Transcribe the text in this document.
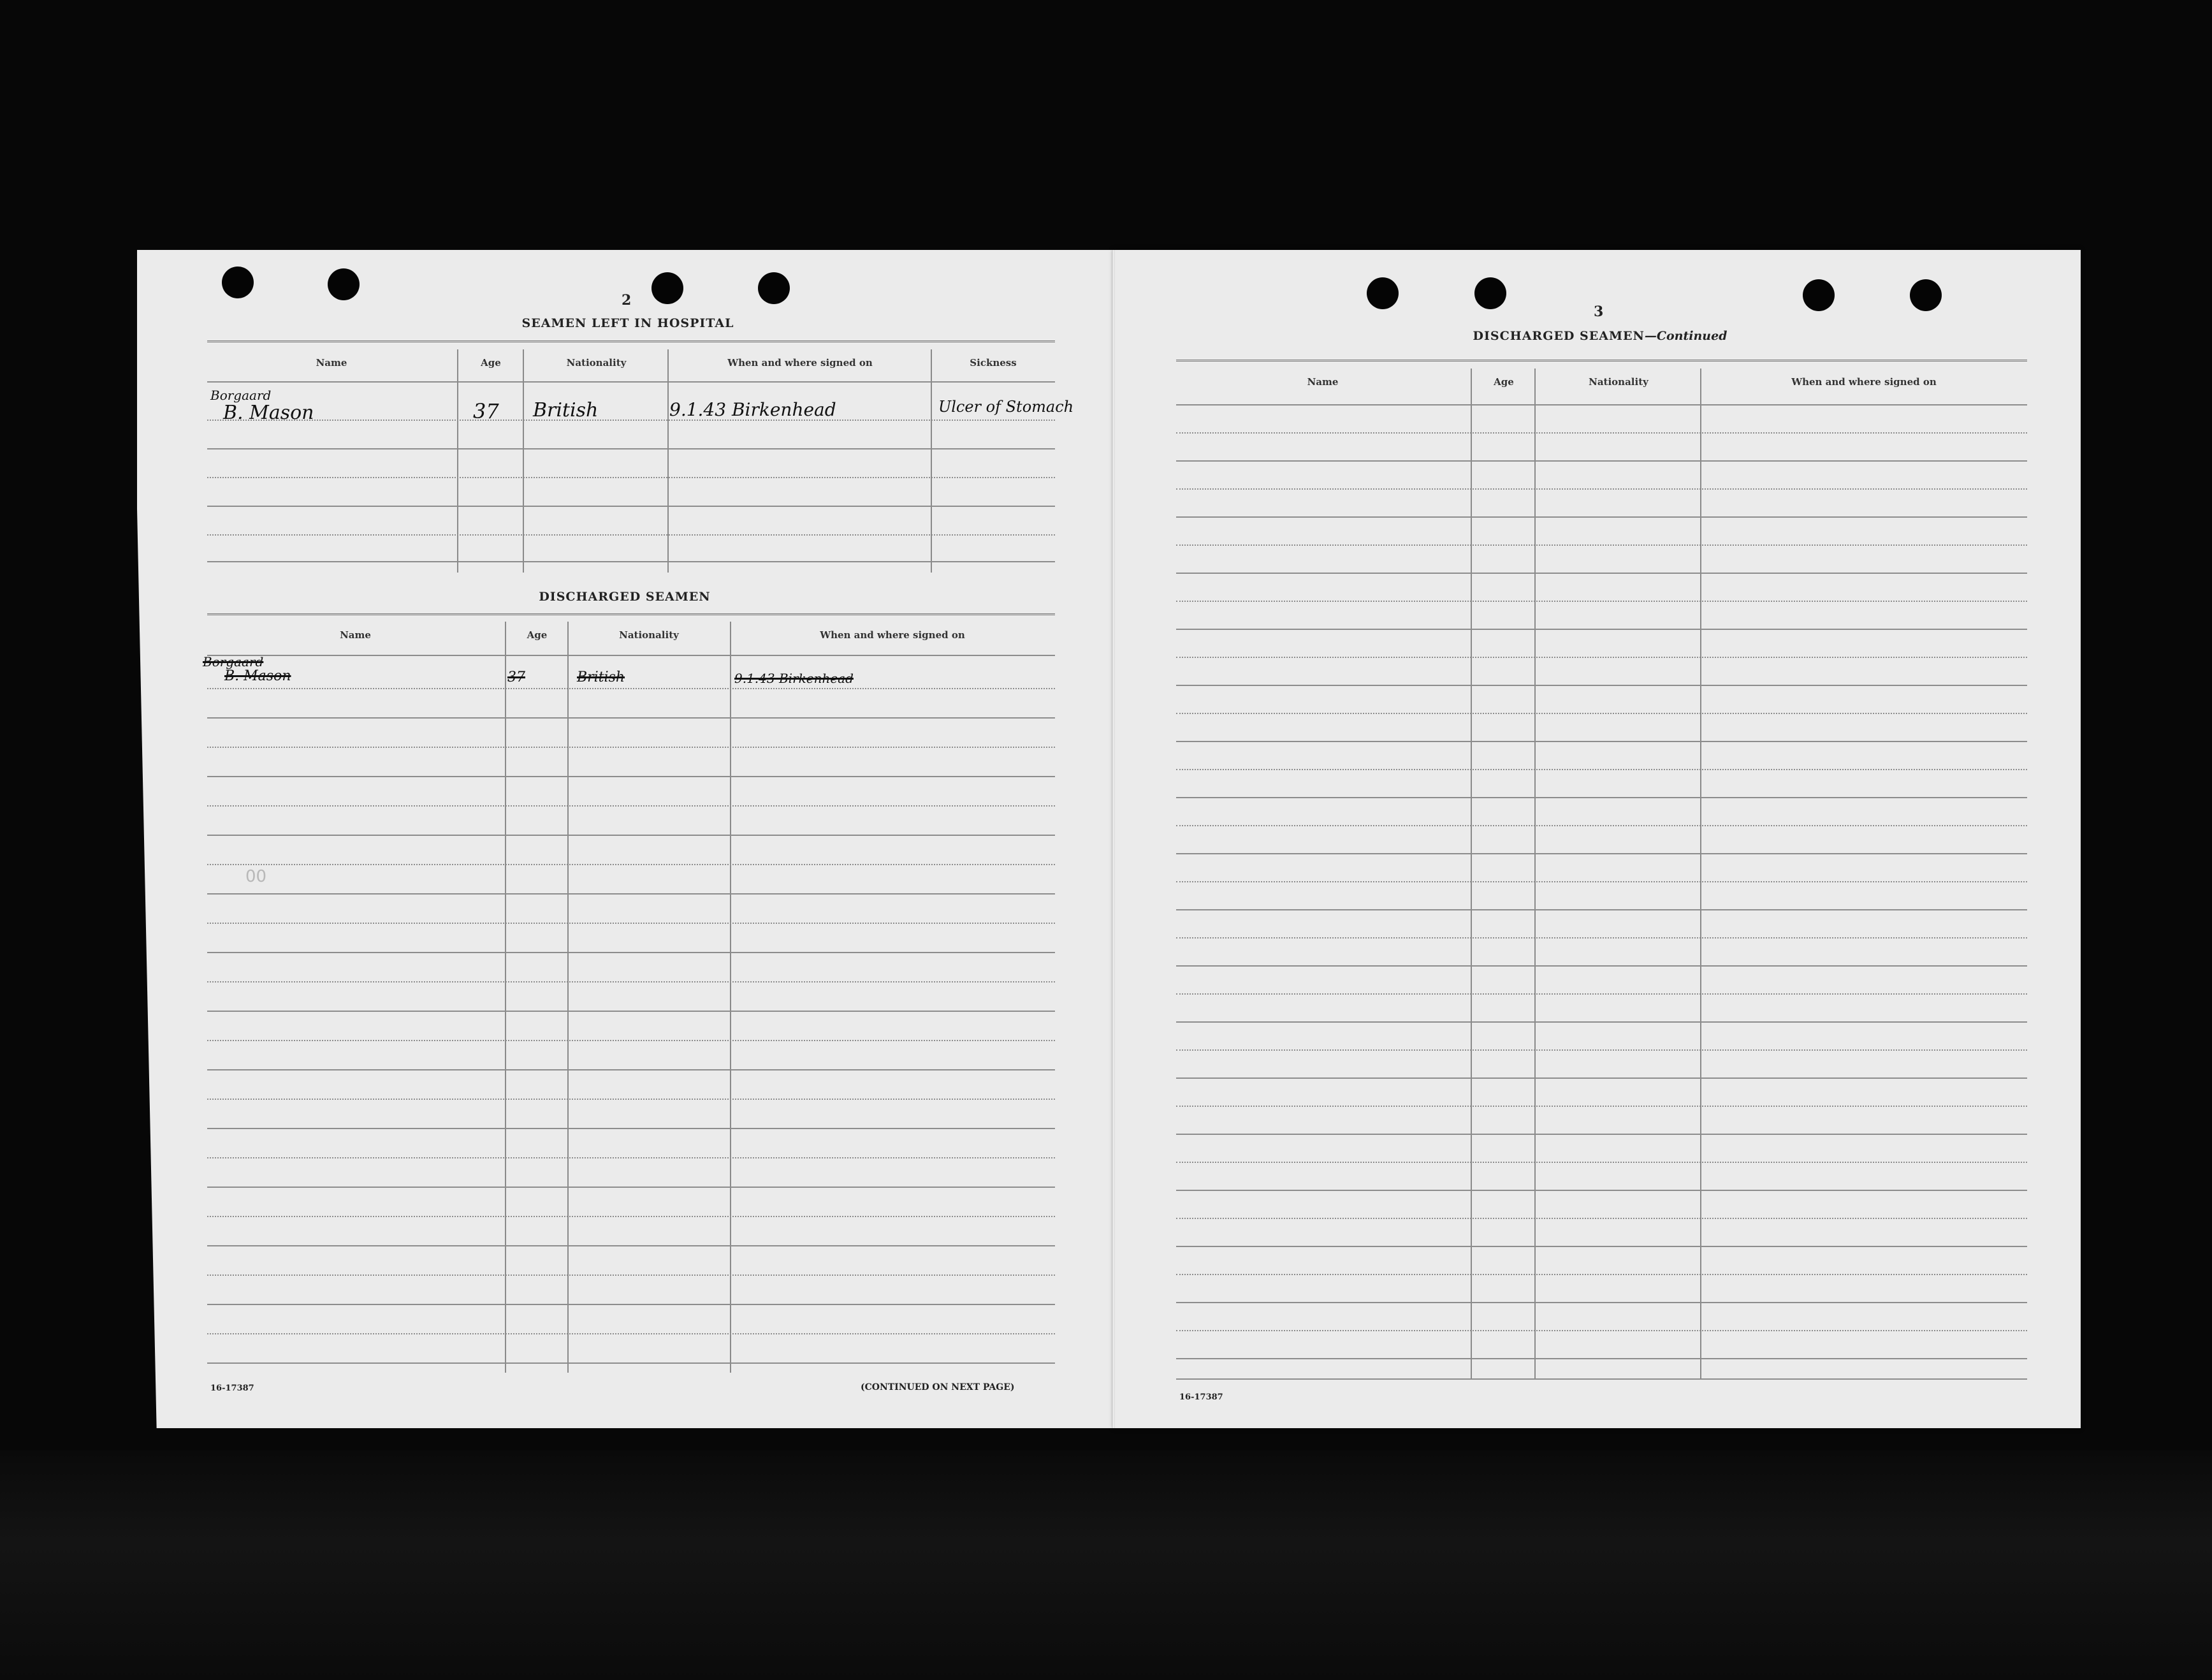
2
SEAMEN LEFT IN HOSPITAL
Name	Age	Nationality	When and where signed on	Sickness
Borgaard
B. Mason	37 British	9.1.43 Birkenhead	Ulcer of Stomach
DISCHARGED SEAMEN
Name	Age	Nationality	When and where signed on
Borgaard
B. Mason	37	British	9.1.43 Birkenhead
00
16-17387	(CONTINUED ON NEXT PAGE)
3
DISCHARGED SEAMEN—Continued
Name	Age	Nationality	When and where signed on
16-17387
